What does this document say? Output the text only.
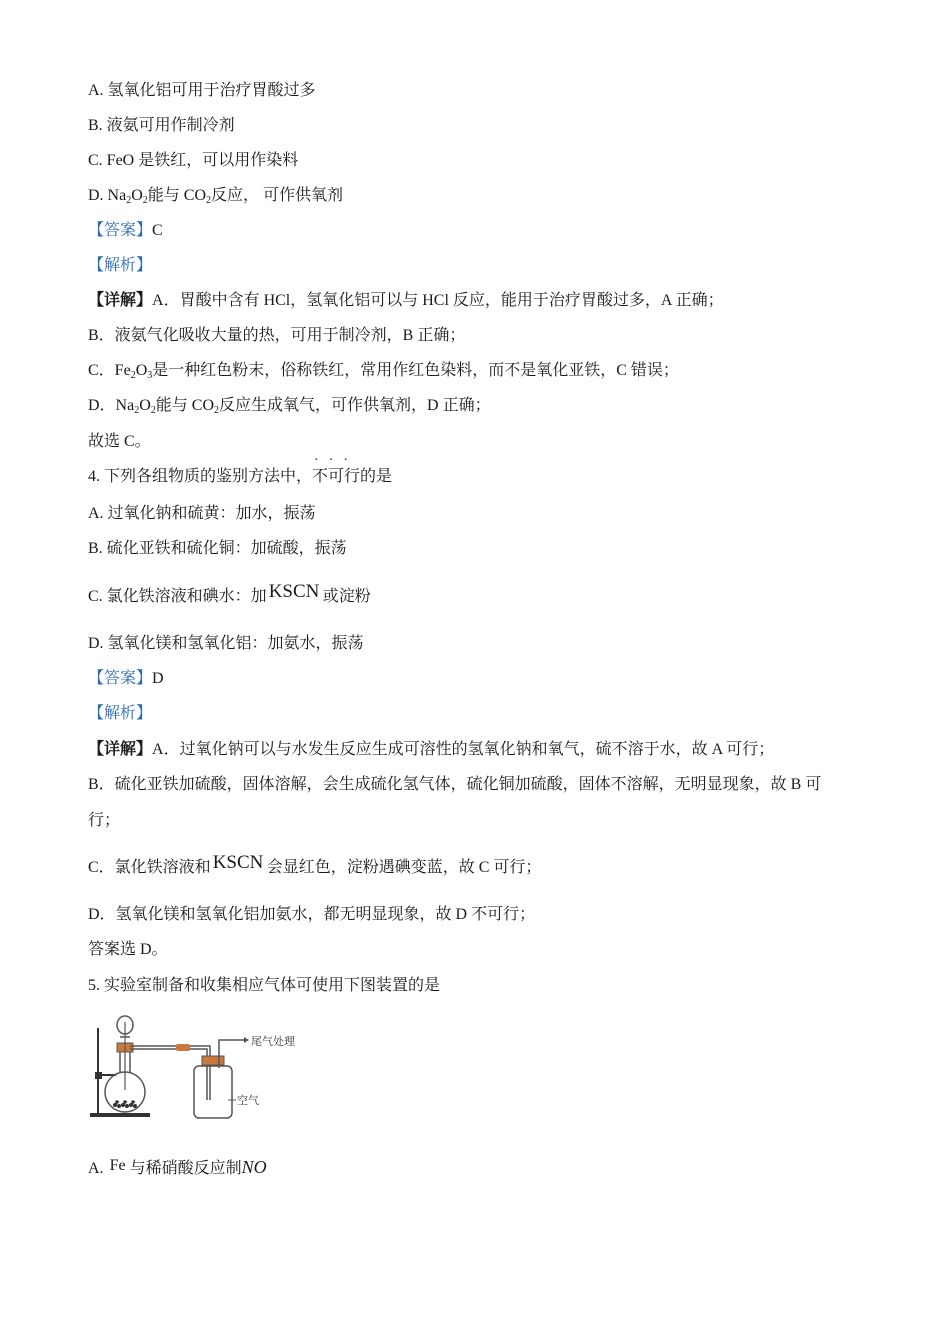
A. 氢氧化铝可用于治疗胃酸过多
B. 液氨可用作制冷剂
C. FeO 是铁红，可以用作染料
D. $Na_2O_2$能与 $CO_2$反应， 可作供氧剂
【答案】C
【解析】
【详解】A．胃酸中含有 HCl，氢氧化铝可以与 HCl 反应，能用于治疗胃酸过多，A 正确；
B．液氨气化吸收大量的热，可用于制冷剂，B 正确；
C．$Fe_2O_3$是一种红色粉末，俗称铁红，常用作红色染料，而不是氧化亚铁，C 错误；
D．$Na_2O_2$能与 $CO_2$反应生成氧气，可作供氧剂，D 正确；
故选 C。
4. 下列各组物质的鉴别方法中，·  ·  · 不可行的是
A. 过氧化钠和硫黄：加水，振荡
B. 硫化亚铁和硫化铜：加硫酸，振荡
C. 氯化铁溶液和碘水：加 KSCN 或淀粉
D. 氢氧化镁和氢氧化铝：加氨水，振荡
【答案】D
【解析】
【详解】A．过氧化钠可以与水发生反应生成可溶性的氢氧化钠和氧气，硫不溶于水，故 A 可行；
B．硫化亚铁加硫酸，固体溶解，会生成硫化氢气体，硫化铜加硫酸，固体不溶解，无明显现象，故 B 可
行；
C．氯化铁溶液和 KSCN 会显红色，淀粉遇碘变蓝，故 C 可行；
D．氢氧化镁和氢氧化铝加氨水，都无明显现象，故 D 不可行；
答案选 D。
5. 实验室制备和收集相应气体可使用下图装置的是
尾气处理
空气
A. Fe 与稀硝酸反应制NO
